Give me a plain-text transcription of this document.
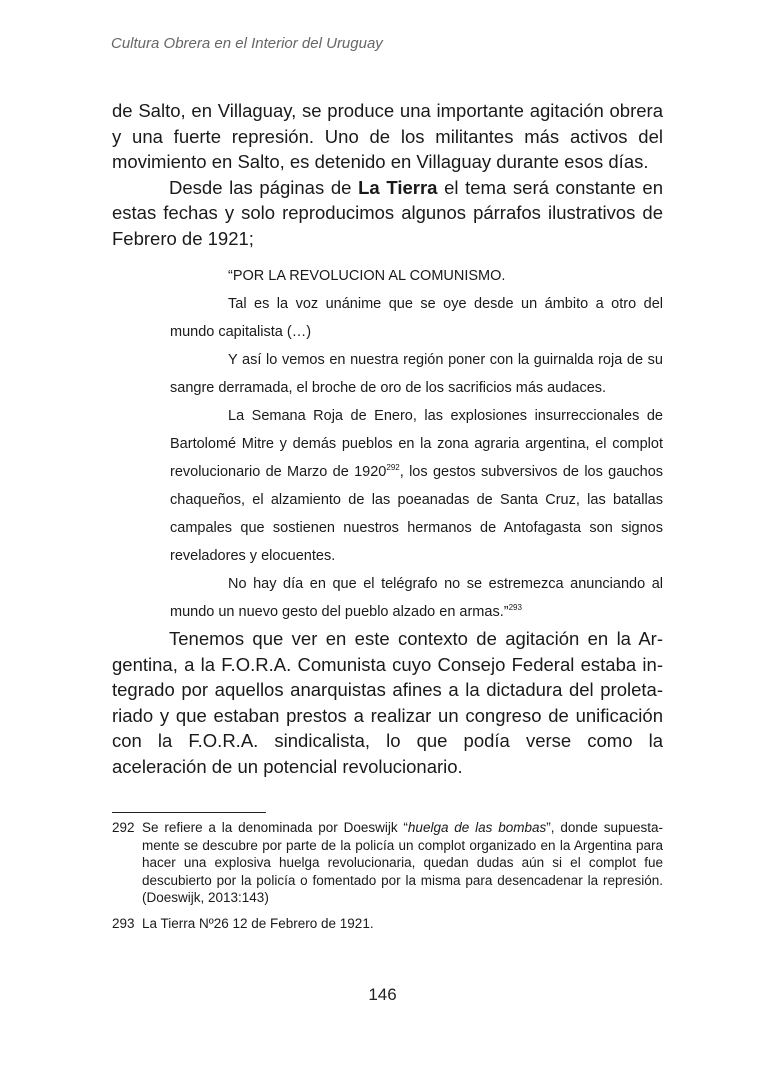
Cultura Obrera en el Interior del Uruguay

de Salto, en Villaguay, se produce una importante agitación obrera y una fuerte represión. Uno de los militantes más activos del movimiento en Salto, es detenido en Villaguay durante esos días.

Desde las páginas de La Tierra el tema será constante en estas fechas y solo reproducimos algunos párrafos ilustrativos de Febrero de 1921;

“POR LA REVOLUCION AL COMUNISMO.

Tal es la voz unánime que se oye desde un ámbito a otro del mundo capitalista (…)

Y así lo vemos en nuestra región poner con la guirnalda roja de su sangre derramada, el broche de oro de los sacrificios más audaces.

La Semana Roja de Enero, las explosiones insurreccionales de Bartolomé Mitre y demás pueblos en la zona agraria argentina, el complot revolucionario de Marzo de 1920$^{292}$, los gestos subversivos de los gauchos chaqueños, el alzamiento de las poeanadas de Santa Cruz, las batallas campales que sostienen nuestros hermanos de Antofagasta son signos reveladores y elocuentes.

No hay día en que el telégrafo no se estremezca anunciando al mundo un nuevo gesto del pueblo alzado en armas.”$^{293}$

Tenemos que ver en este contexto de agitación en la Argentina, a la F.O.R.A. Comunista cuyo Consejo Federal estaba integrado por aquellos anarquistas afines a la dictadura del proletariado y que estaban prestos a realizar un congreso de unificación con la F.O.R.A. sindicalista, lo que podía verse como la aceleración de un potencial revolucionario.

292 Se refiere a la denominada por Doeswijk “huelga de las bombas”, donde supuestamente se descubre por parte de la policía un complot organizado en la Argentina para hacer una explosiva huelga revolucionaria, quedan dudas aún si el complot fue descubierto por la policía o fomentado por la misma para desencadenar la represión. (Doeswijk, 2013:143)

293 La Tierra Nº26 12 de Febrero de 1921.

146
